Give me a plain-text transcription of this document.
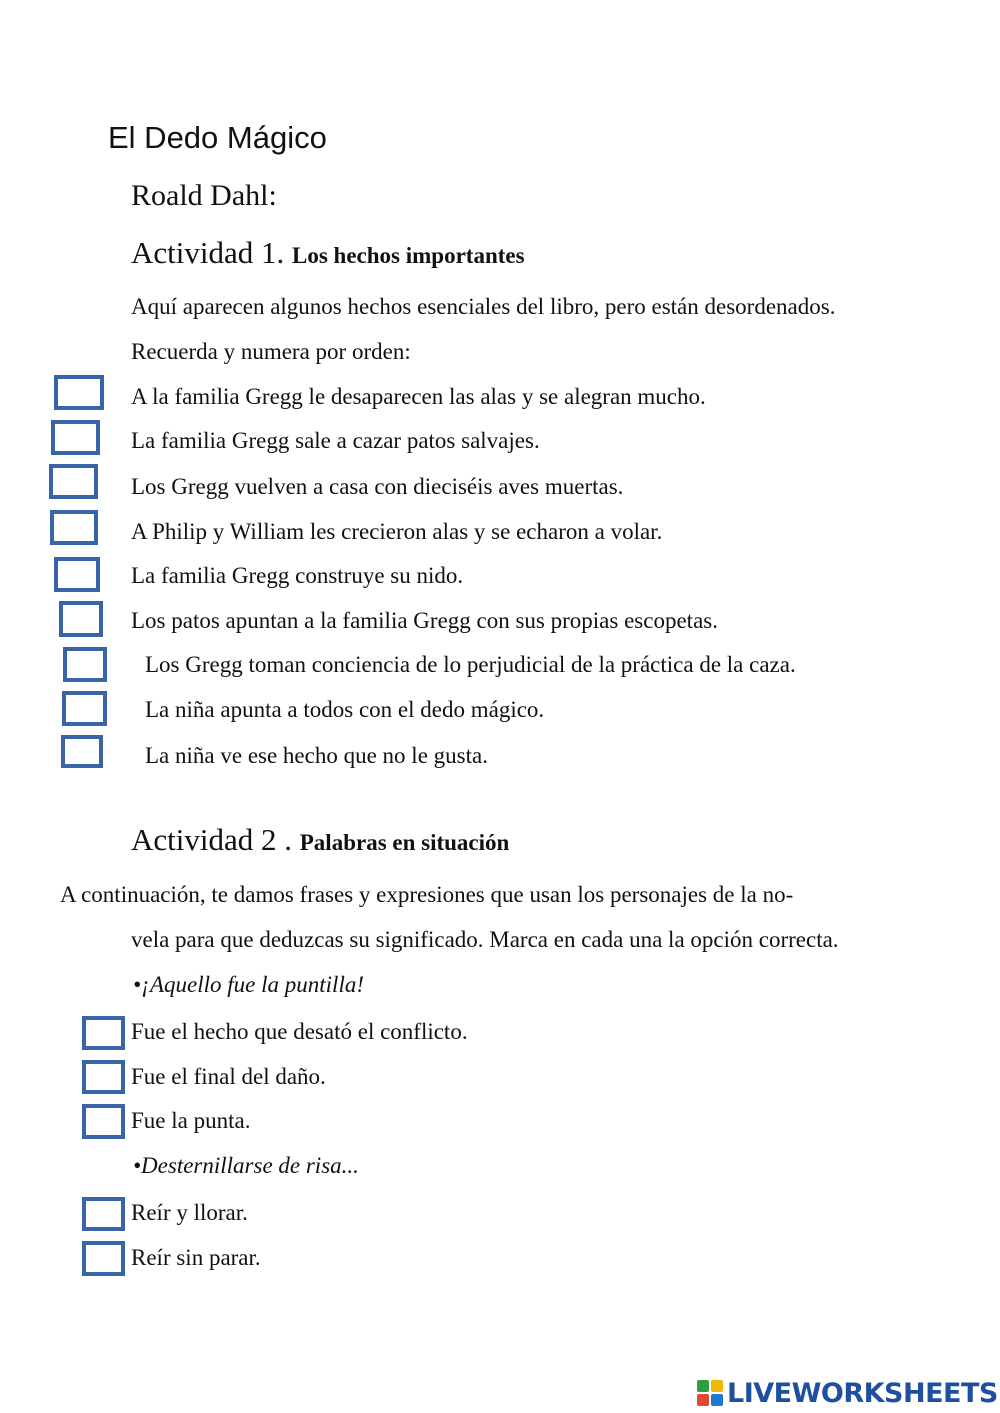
El Dedo Mágico
Roald Dahl:
Actividad 1. Los hechos importantes
Aquí aparecen algunos hechos esenciales del libro, pero están desordenados.
Recuerda y numera por orden:
A la familia Gregg le desaparecen las alas y se alegran mucho.
La familia Gregg sale a cazar patos salvajes.
Los Gregg vuelven a casa con dieciséis aves muertas.
A Philip y William les crecieron alas y se echaron a volar.
La familia Gregg construye su nido.
Los patos apuntan a la familia Gregg con sus propias escopetas.
Los Gregg toman conciencia de lo perjudicial de la práctica de la caza.
La niña apunta a todos con el dedo mágico.
La niña ve ese hecho que no le gusta.
Actividad 2 . Palabras en situación
A continuación, te damos frases y expresiones que usan los personajes de la no-
vela para que deduzcas su significado. Marca en cada una la opción correcta.
•¡Aquello fue la puntilla!
Fue el hecho que desató el conflicto.
Fue el final del daño.
Fue la punta.
•Desternillarse de risa...
Reír y llorar.
Reír sin parar.
LIVEWORKSHEETS
